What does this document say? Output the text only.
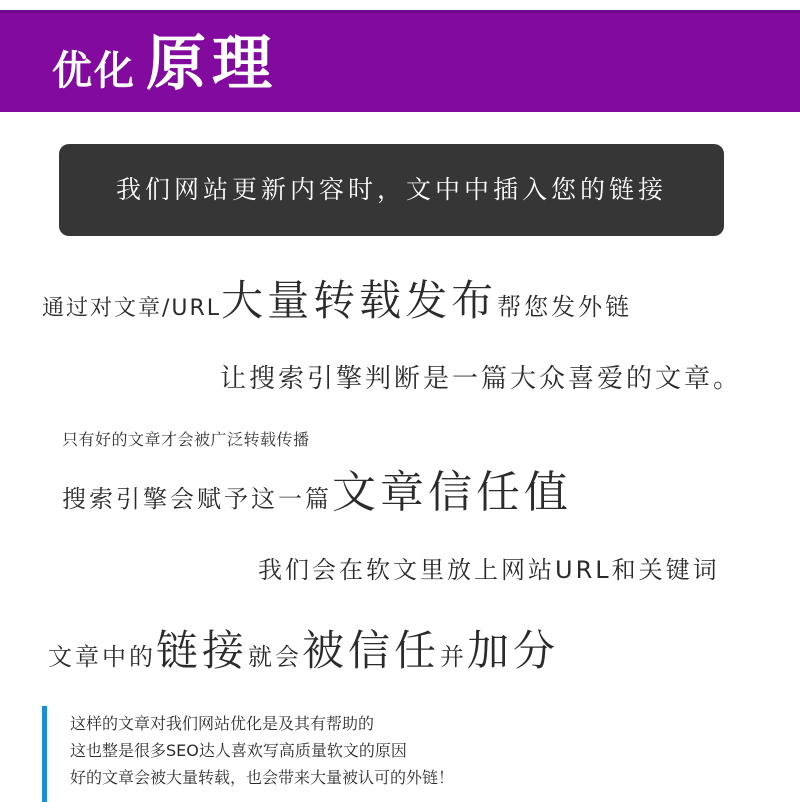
优化 原理
我们网站更新内容时，文中中插入您的链接
通过对文章/URL 大量转载发布 帮您发外链
让搜索引擎判断是一篇大众喜爱的文章。
只有好的文章才会被广泛转载传播
搜索引擎会赋予这一篇 文章信任值
我们会在软文里放上网站URL和关键词
文章中的 链接 就会 被信任 并 加分
这样的文章对我们网站优化是及其有帮助的
这也整是很多SEO达人喜欢写高质量软文的原因
好的文章会被大量转载，也会带来大量被认可的外链！
